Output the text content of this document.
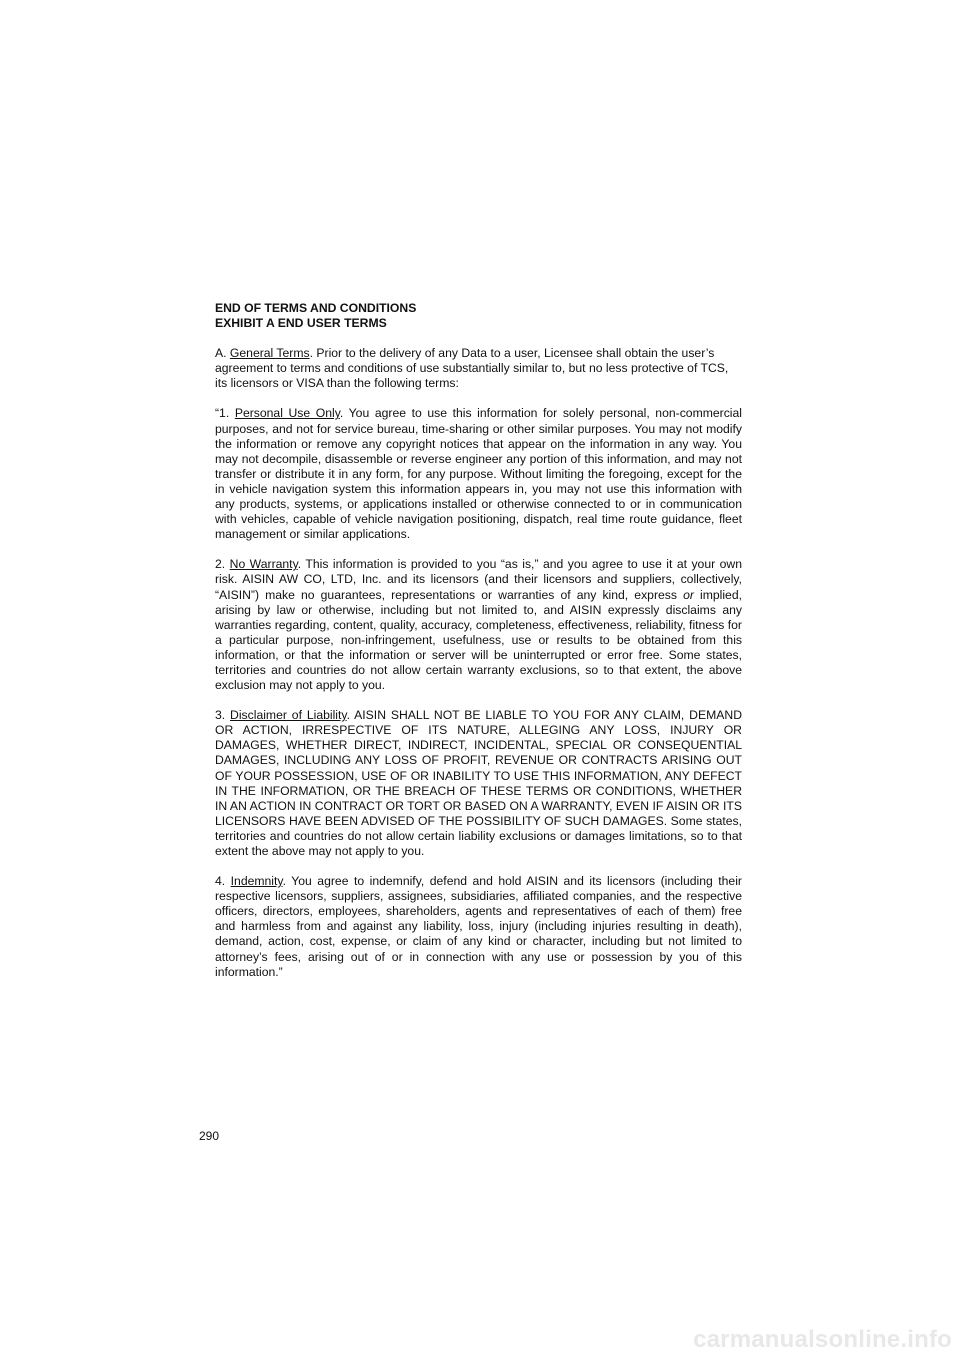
END OF TERMS AND CONDITIONS

EXHIBIT A END USER TERMS

A. General Terms. Prior to the delivery of any Data to a user, Licensee shall obtain the user’s agreement to terms and conditions of use substantially similar to, but no less protective of TCS, its licensors or VISA than the following terms:

“1. Personal Use Only. You agree to use this information for solely personal, non-commercial purposes, and not for service bureau, time-sharing or other similar purposes. You may not modify the information or remove any copyright notices that appear on the information in any way. You may not decompile, disassemble or reverse engineer any portion of this information, and may not transfer or distribute it in any form, for any purpose. Without limiting the foregoing, except for the in vehicle navigation system this information appears in, you may not use this information with any products, systems, or applications installed or otherwise connected to or in communication with vehicles, capable of vehicle navigation positioning, dispatch, real time route guidance, fleet management or similar applications.

2. No Warranty. This information is provided to you “as is,” and you agree to use it at your own risk. AISIN AW CO, LTD, Inc. and its licensors (and their licensors and suppliers, collectively, “AISIN”) make no guarantees, representations or warranties of any kind, express or implied, arising by law or otherwise, including but not limited to, and AISIN expressly disclaims any warranties regarding, content, quality, accuracy, completeness, effectiveness, reliability, fitness for a particular purpose, non-infringement, usefulness, use or results to be obtained from this information, or that the information or server will be uninterrupted or error free. Some states, territories and countries do not allow certain warranty exclusions, so to that extent, the above exclusion may not apply to you.

3. Disclaimer of Liability. AISIN SHALL NOT BE LIABLE TO YOU FOR ANY CLAIM, DEMAND OR ACTION, IRRESPECTIVE OF ITS NATURE, ALLEGING ANY LOSS, INJURY OR DAMAGES, WHETHER DIRECT, INDIRECT, INCIDENTAL, SPECIAL OR CONSEQUENTIAL DAMAGES, INCLUDING ANY LOSS OF PROFIT, REVENUE OR CONTRACTS ARISING OUT OF YOUR POSSESSION, USE OF OR INABILITY TO USE THIS INFORMATION, ANY DEFECT IN THE INFORMATION, OR THE BREACH OF THESE TERMS OR CONDITIONS, WHETHER IN AN ACTION IN CONTRACT OR TORT OR BASED ON A WARRANTY, EVEN IF AISIN OR ITS LICENSORS HAVE BEEN ADVISED OF THE POSSIBILITY OF SUCH DAMAGES. Some states, territories and countries do not allow certain liability exclusions or damages limitations, so to that extent the above may not apply to you.

4. Indemnity. You agree to indemnify, defend and hold AISIN and its licensors (including their respective licensors, suppliers, assignees, subsidiaries, affiliated companies, and the respective officers, directors, employees, shareholders, agents and representatives of each of them) free and harmless from and against any liability, loss, injury (including injuries resulting in death), demand, action, cost, expense, or claim of any kind or character, including but not limited to attorney’s fees, arising out of or in connection with any use or possession by you of this information.”

290
carmanualsonline.info
